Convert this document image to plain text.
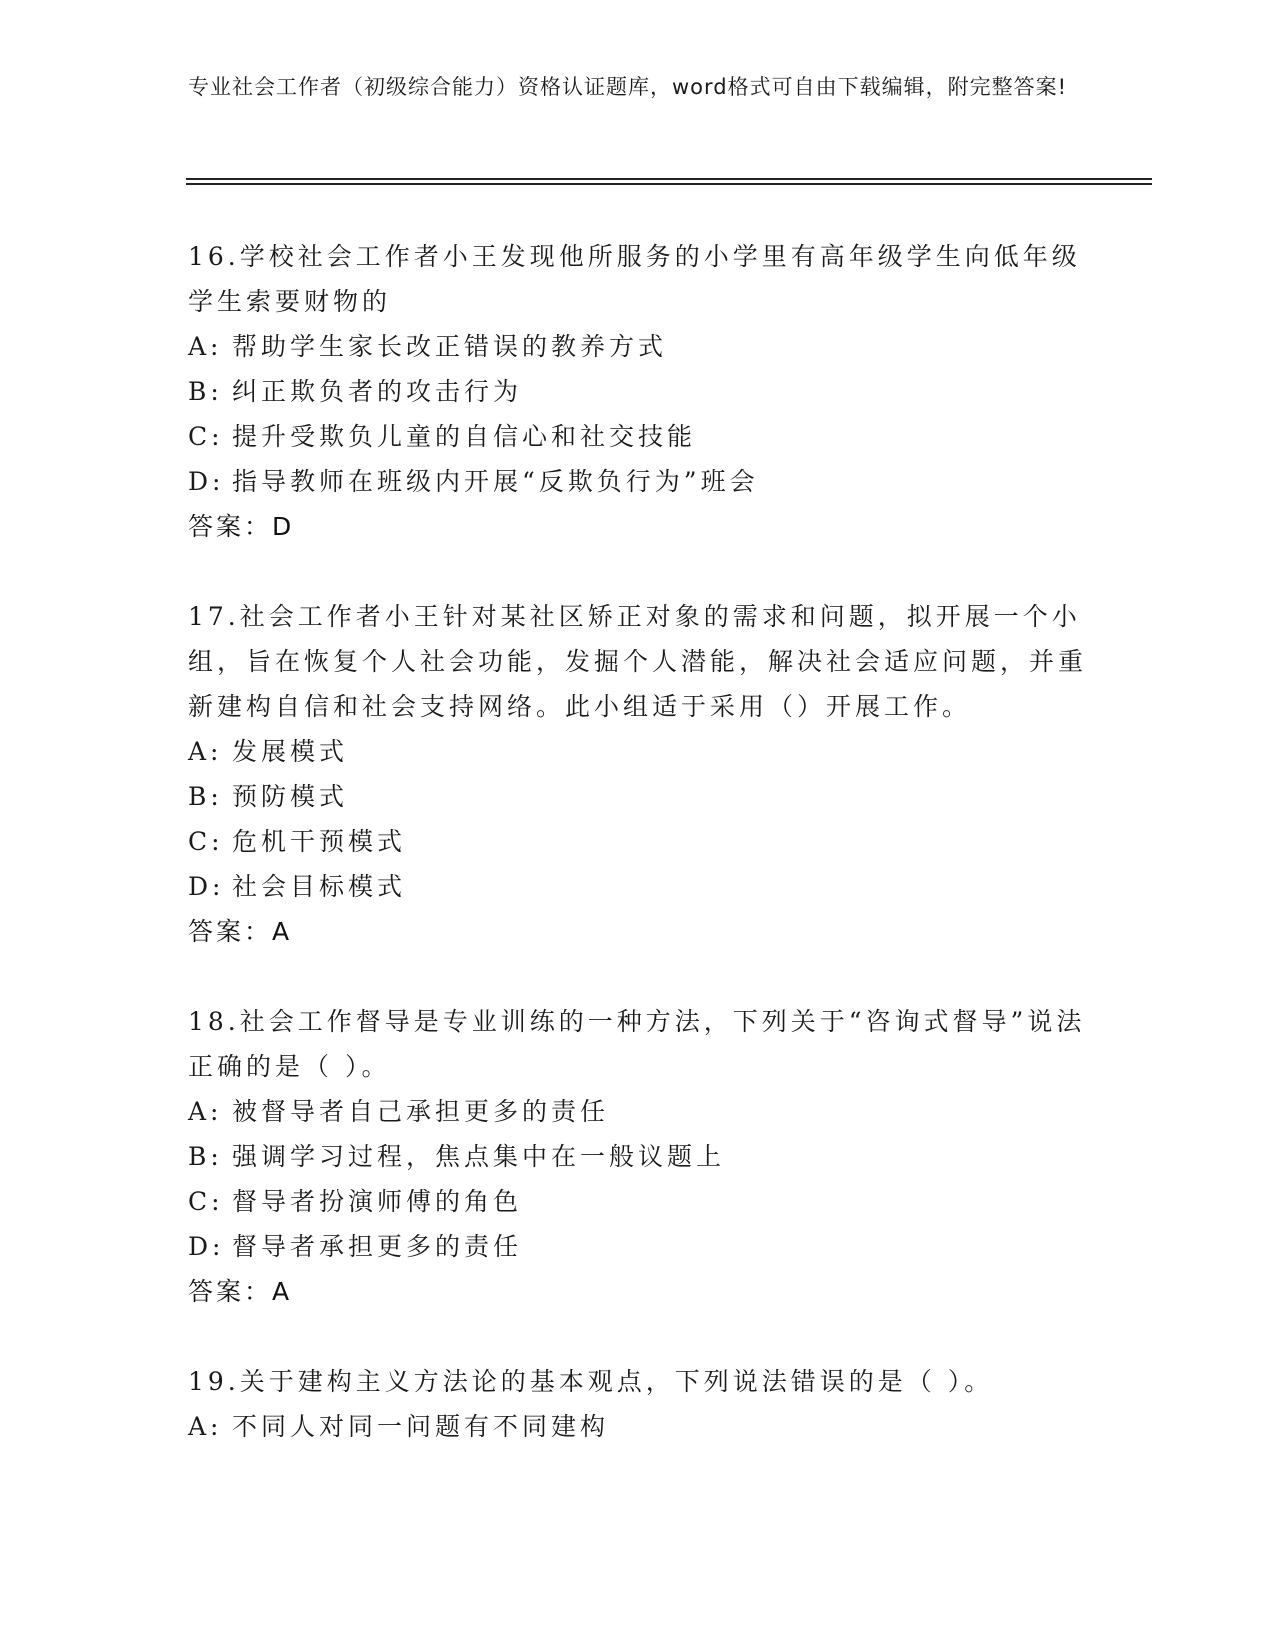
专业社会工作者（初级综合能力）资格认证题库，word格式可自由下载编辑，附完整答案!
16.学校社会工作者小王发现他所服务的小学里有高年级学生向低年级学生索要财物的
A: 帮助学生家长改正错误的教养方式
B: 纠正欺负者的攻击行为
C: 提升受欺负儿童的自信心和社交技能
D: 指导教师在班级内开展“反欺负行为”班会
答案：D
17.社会工作者小王针对某社区矫正对象的需求和问题，拟开展一个小组，旨在恢复个人社会功能，发掘个人潜能，解决社会适应问题，并重新建构自信和社会支持网络。此小组适于采用（）开展工作。
A: 发展模式
B: 预防模式
C: 危机干预模式
D: 社会目标模式
答案：A
18.社会工作督导是专业训练的一种方法，下列关于“咨询式督导”说法正确的是（ ）。
A: 被督导者自己承担更多的责任
B: 强调学习过程，焦点集中在一般议题上
C: 督导者扮演师傅的角色
D: 督导者承担更多的责任
答案：A
19.关于建构主义方法论的基本观点，下列说法错误的是（ ）。
A: 不同人对同一问题有不同建构
